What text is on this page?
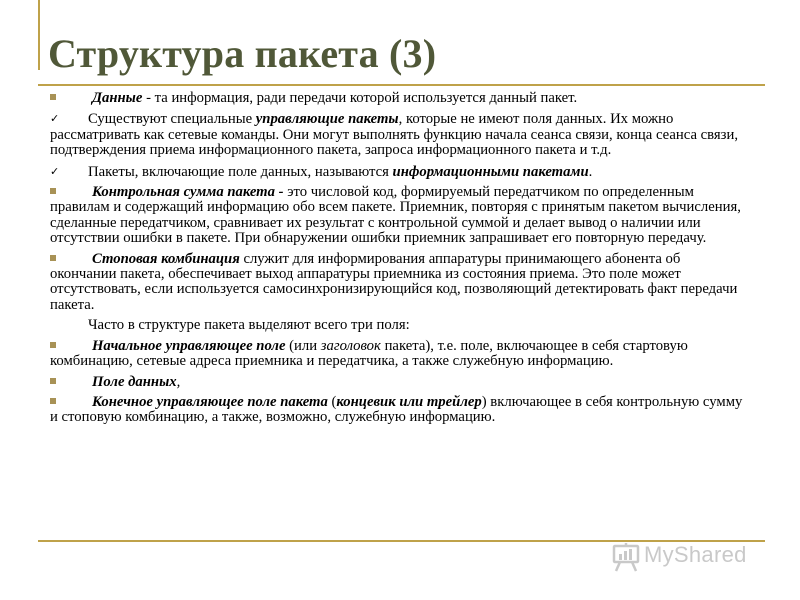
Структура пакета (3)

Данные - та информация, ради передачи которой используется данный пакет.

✓ Существуют специальные управляющие пакеты, которые не имеют поля данных. Их можно рассматривать как сетевые команды. Они могут выполнять функцию начала сеанса связи, конца сеанса связи, подтверждения приема информационного пакета, запроса информационного пакета и т.д.

✓ Пакеты, включающие поле данных, называются информационными пакетами.

Контрольная сумма пакета - это числовой код, формируемый передатчиком по определенным правилам и содержащий информацию обо всем пакете. Приемник, повторяя с принятым пакетом вычисления, сделанные передатчиком, сравнивает их результат с контрольной суммой и делает вывод о наличии или отсутствии ошибки в пакете. При обнаружении ошибки приемник запрашивает его повторную передачу.

Стоповая комбинация служит для информирования аппаратуры принимающего абонента об окончании пакета, обеспечивает выход аппаратуры приемника из состояния приема. Это поле может отсутствовать, если используется самосинхронизирующийся код, позволяющий детектировать факт передачи пакета.

Часто в структуре пакета выделяют всего три поля:

Начальное управляющее поле (или заголовок пакета), т.е. поле, включающее в себя стартовую комбинацию, сетевые адреса приемника и передатчика, а также служебную информацию.

Поле данных,

Конечное управляющее поле пакета (концевик или трейлер) включающее в себя контрольную сумму и стоповую комбинацию, а также, возможно, служебную информацию.

MyShared
